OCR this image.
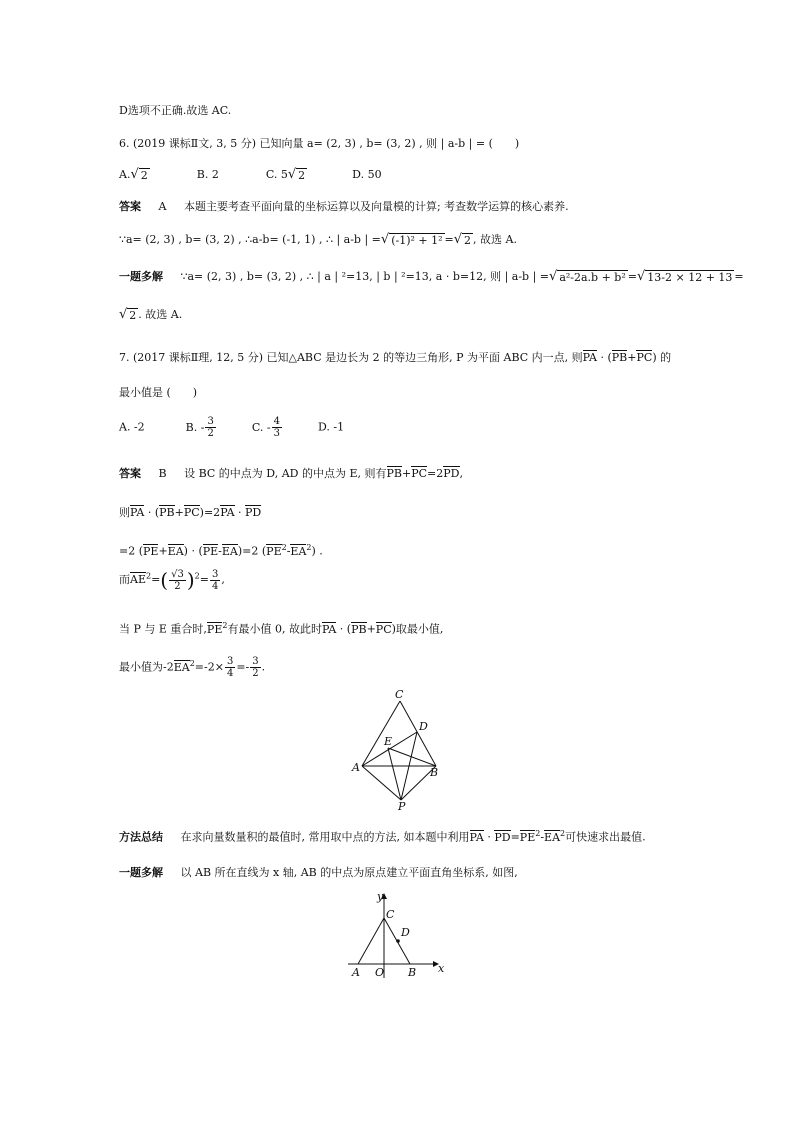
D选项不正确.故选 AC.
6. (2019 课标Ⅱ文, 3, 5 分) 已知向量 a= (2, 3) , b= (3, 2) , 则 | a-b | = (　　)
A. √ 2	B. 2	C. 5 √ 2	D. 50
答案 A 本题主要考查平面向量的坐标运算以及向量模的计算; 考查数学运算的核心素养.
∵a= (2, 3) , b= (3, 2) , ∴a-b= (-1, 1) , ∴ | a-b | = √ (-1)² + 1² = √ 2 , 故选 A.
一题多解 ∵a= (2, 3) , b= (3, 2) , ∴ | a | ²=13, | b | ²=13, a · b=12, 则 | a-b | = √ a²-2a.b + b² = √ 13-2 × 12 + 13 =
√ 2 . 故选 A.
7. (2017 课标Ⅱ理, 12, 5 分) 已知△ABC 是边长为 2 的等边三角形, P 为平面 ABC 内一点, 则PA · (PB+PC) 的
最小值是 (　　)
A. -2	B. - $\frac{3}{2}$	C. - $\frac{4}{3}$	D. -1
答案 B 设 BC 的中点为 D, AD 的中点为 E, 则有PB+PC=2PD,
则PA · (PB+PC)=2PA · PD
=2 (PE+EA) · (PE-EA)=2 $(PE^2-EA^2)$ .
而$AE^2=( \frac{√3}{2} )^2= \frac{3}{4}$ ,
当 P 与 E 重合时$,PE^2$有最小值 0, 故此时PA · (PB+PC)取最小值,
最小值为$-2EA^2=-2\times \frac{3}{4} =- \frac{3}{2}$ .
C
D
E
A	B
P
方法总结 在求向量数量积的最值时, 常用取中点的方法, 如本题中利用PA · $PD=PE^2-EA^2$可快速求出最值.
一题多解 以 AB 所在直线为 x 轴, AB 的中点为原点建立平面直角坐标系, 如图,
y
C
D
A O B x
